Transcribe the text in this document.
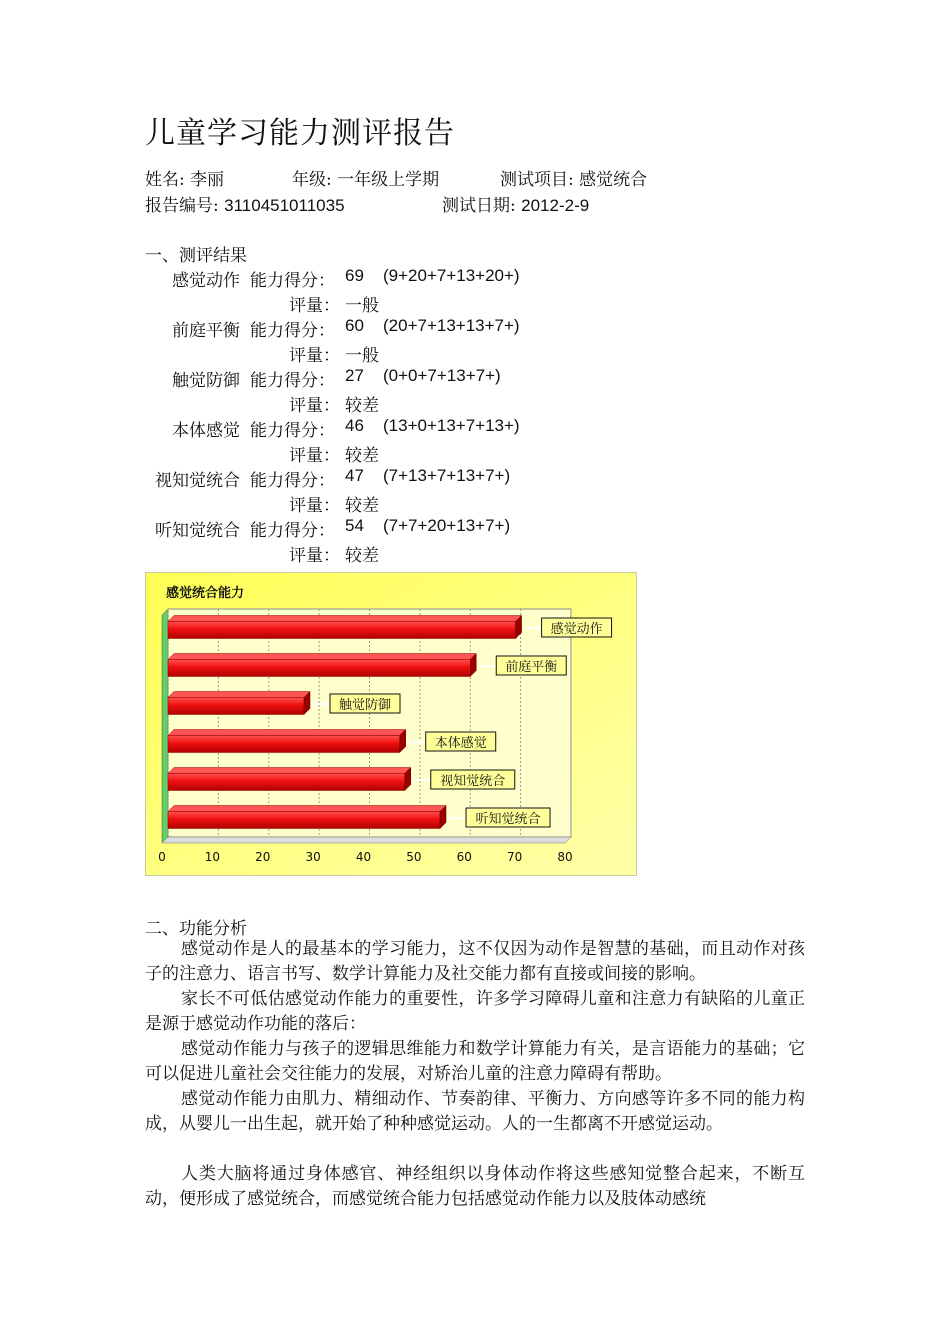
儿童学习能力测评报告
姓名: 李丽	年级: 一年级上学期	测试项目: 感觉统合
报告编号: 3110451011035	测试日期: 2012-2-9
一、测评结果
感觉动作 能力得分： 69 (9+20+7+13+20+)
评量： 一般
前庭平衡 能力得分： 60 (20+7+13+13+7+)
评量： 一般
触觉防御 能力得分： 27 (0+0+7+13+7+)
评量： 较差
本体感觉 能力得分： 46 (13+0+13+7+13+)
评量： 较差
视知觉统合 能力得分： 47 (7+13+7+13+7+)
评量： 较差
听知觉统合 能力得分： 54 (7+7+20+13+7+)
评量： 较差
感觉统合能力
0	10	20	30	40	50	60	70	80
感觉动作
前庭平衡
触觉防御
本体感觉
视知觉统合
听知觉统合
二、功能分析
感觉动作是人的最基本的学习能力，这不仅因为动作是智慧的基础，而且动作对孩子的注意力、语言书写、数学计算能力及社交能力都有直接或间接的影响。
家长不可低估感觉动作能力的重要性，许多学习障碍儿童和注意力有缺陷的儿童正是源于感觉动作功能的落后：
感觉动作能力与孩子的逻辑思维能力和数学计算能力有关，是言语能力的基础；它可以促进儿童社会交往能力的发展，对矫治儿童的注意力障碍有帮助。
感觉动作能力由肌力、精细动作、节奏韵律、平衡力、方向感等许多不同的能力构成，从婴儿一出生起，就开始了种种感觉运动。人的一生都离不开感觉运动。
人类大脑将通过身体感官、神经组织以身体动作将这些感知觉整合起来，不断互动，便形成了感觉统合，而感觉统合能力包括感觉动作能力以及肢体动感统
